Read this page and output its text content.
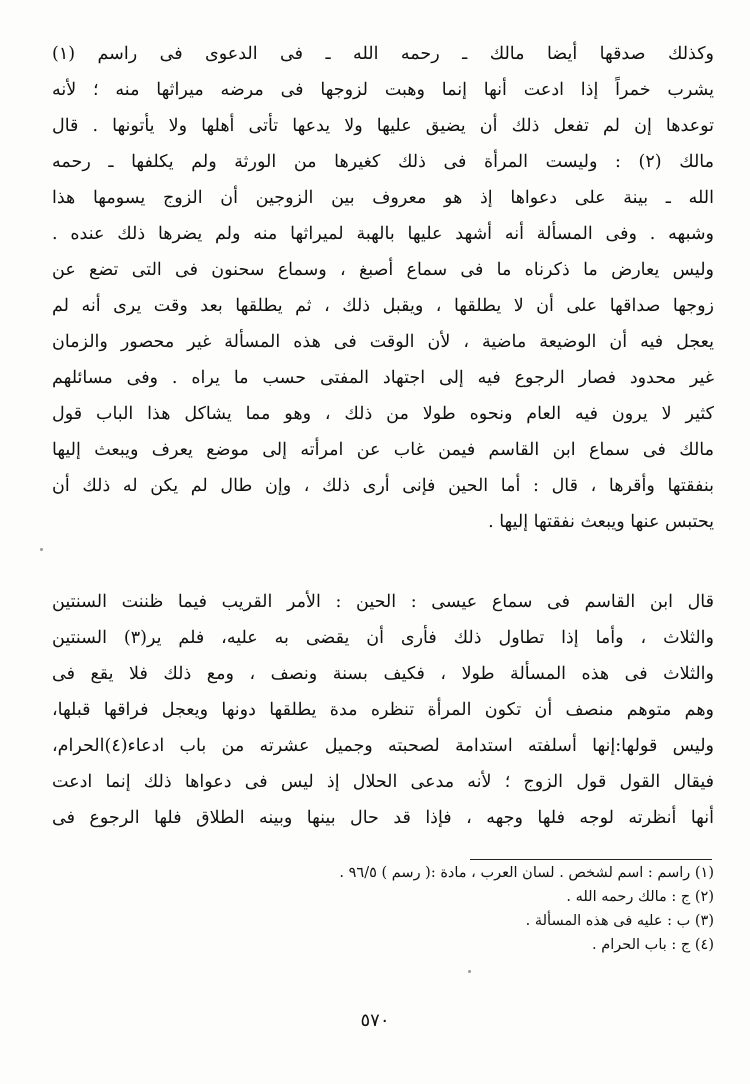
وكذلك صدقها أيضا مالك ـ رحمه الله ـ فى الدعوى فى راسم (١)
يشرب خمراً إذا ادعت أنها إنما وهبت لزوجها فى مرضه ميراثها منه ؛ لأنه
توعدها إن لم تفعل ذلك أن يضيق عليها ولا يدعها تأتى أهلها ولا يأتونها . قال
مالك (٢) : وليست المرأة فى ذلك كغيرها من الورثة ولم يكلفها ـ رحمه
الله ـ بينة على دعواها إذ هو معروف بين الزوجين أن الزوج يسومها هذا
وشبهه . وفى المسألة أنه أشهد عليها بالهبة لميراثها منه ولم يضرها ذلك عنده .
وليس يعارض ما ذكرناه ما فى سماع أصبغ ، وسماع سحنون فى التى تضع عن
زوجها صداقها على أن لا يطلقها ، ويقبل ذلك ، ثم يطلقها بعد وقت يرى أنه لم
يعجل فيه أن الوضيعة ماضية ، لأن الوقت فى هذه المسألة غير محصور والزمان
غير محدود فصار الرجوع فيه إلى اجتهاد المفتى حسب ما يراه . وفى مسائلهم
كثير لا يرون فيه العام ونحوه طولا من ذلك ، وهو مما يشاكل هذا الباب قول
مالك فى سماع ابن القاسم فيمن غاب عن امرأته إلى موضع يعرف ويبعث إليها
بنفقتها وأقرها ، قال : أما الحين فإنى أرى ذلك ، وإن طال لم يكن له ذلك أن
يحتبس عنها ويبعث نفقتها إليها .
قال ابن القاسم فى سماع عيسى : الحين : الأمر القريب فيما ظننت السنتين
والثلاث ، وأما إذا تطاول ذلك فأرى أن يقضى به عليه، فلم ير(٣) السنتين
والثلاث فى هذه المسألة طولا ، فكيف بسنة ونصف ، ومع ذلك فلا يقع فى
وهم متوهم منصف أن تكون المرأة تنظره مدة يطلقها دونها ويعجل فراقها قبلها،
وليس قولها:إنها أسلفته استدامة لصحبته وجميل عشرته من باب ادعاء(٤)الحرام،
فيقال القول قول الزوج ؛ لأنه مدعى الحلال إذ ليس فى دعواها ذلك إنما ادعت
أنها أنظرته لوجه فلها وجهه ، فإذا قد حال بينها وبينه الطلاق فلها الرجوع فى
(١) راسم : اسم لشخص . لسان العرب ، مادة :( رسم ) ٩٦/٥ .
(٢) ج : مالك رحمه الله .
(٣) ب : عليه فى هذه المسألة .
(٤) ج : باب الحرام .
٥٧٠
